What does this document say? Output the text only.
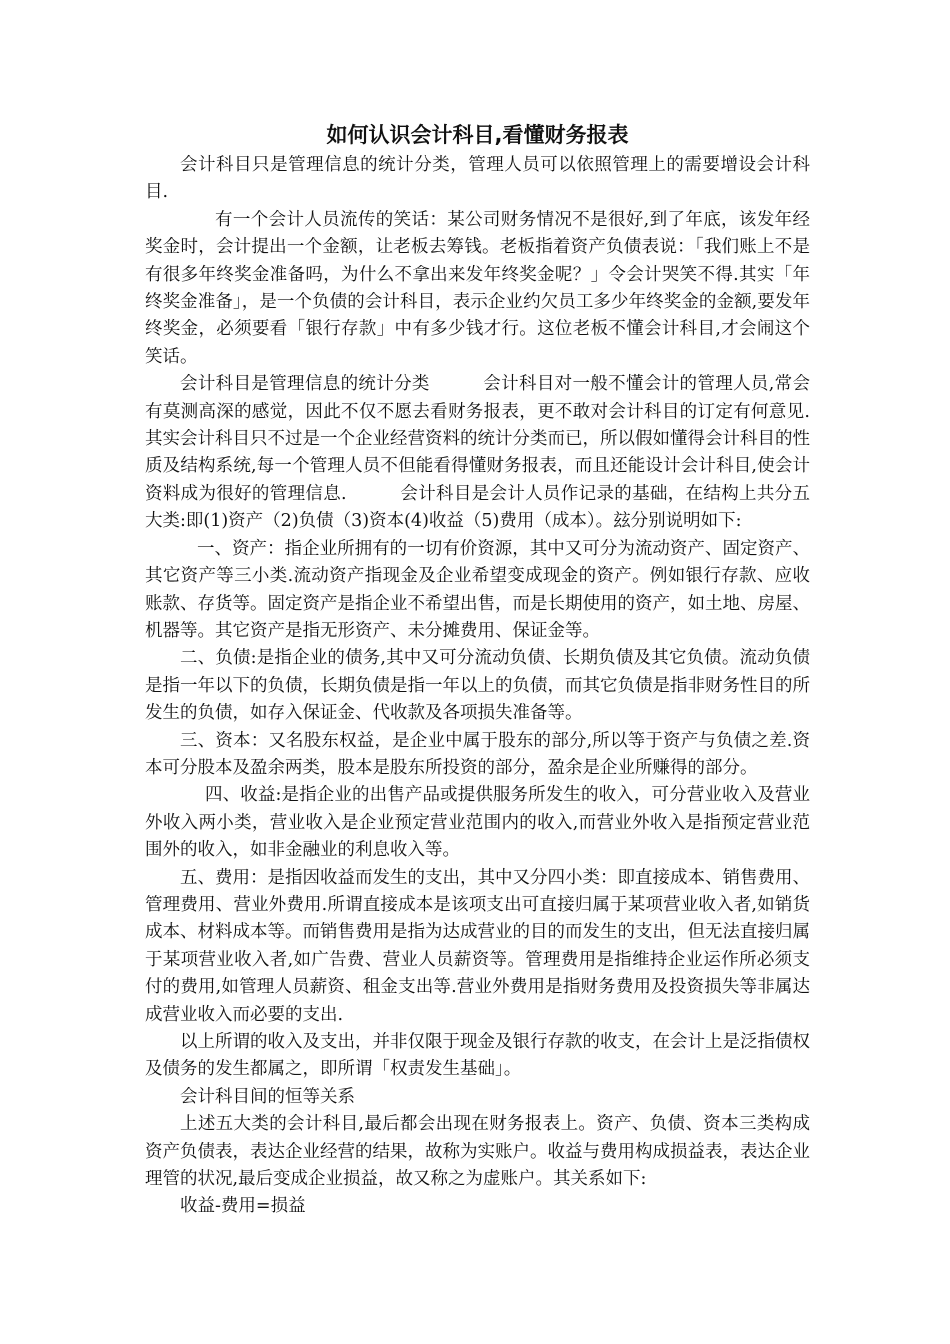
如何认识会计科目,看懂财务报表

会计科目只是管理信息的统计分类，管理人员可以依照管理上的需要增设会计科目.

有一个会计人员流传的笑话：某公司财务情况不是很好,到了年底，该发年经奖金时，会计提出一个金额，让老板去筹钱。老板指着资产负债表说：「我们账上不是有很多年终奖金准备吗，为什么不拿出来发年终奖金呢？」令会计哭笑不得.其实「年终奖金准备」，是一个负债的会计科目，表示企业约欠员工多少年终奖金的金额,要发年终奖金，必须要看「银行存款」中有多少钱才行。这位老板不懂会计科目,才会闹这个笑话。

会计科目是管理信息的统计分类　　　会计科目对一般不懂会计的管理人员,常会有莫测高深的感觉，因此不仅不愿去看财务报表，更不敢对会计科目的订定有何意见.其实会计科目只不过是一个企业经营资料的统计分类而已，所以假如懂得会计科目的性质及结构系统,每一个管理人员不但能看得懂财务报表，而且还能设计会计科目,使会计资料成为很好的管理信息.　　　会计科目是会计人员作记录的基础，在结构上共分五大类:即(1)资产（2)负债（3)资本(4)收益（5)费用（成本）。玆分别说明如下:

一、资产：指企业所拥有的一切有价资源，其中又可分为流动资产、固定资产、其它资产等三小类.流动资产指现金及企业希望变成现金的资产。例如银行存款、应收账款、存货等。固定资产是指企业不希望出售，而是长期使用的资产，如土地、房屋、机器等。其它资产是指无形资产、未分摊费用、保证金等。

二、负债:是指企业的债务,其中又可分流动负债、长期负债及其它负债。流动负债是指一年以下的负债，长期负债是指一年以上的负债，而其它负债是指非财务性目的所发生的负债，如存入保证金、代收款及各项损失准备等。

三、资本：又名股东权益，是企业中属于股东的部分,所以等于资产与负债之差.资本可分股本及盈余两类，股本是股东所投资的部分，盈余是企业所赚得的部分。

四、收益:是指企业的出售产品或提供服务所发生的收入，可分营业收入及营业外收入两小类，营业收入是企业预定营业范围内的收入,而营业外收入是指预定营业范围外的收入，如非金融业的利息收入等。

五、费用：是指因收益而发生的支出，其中又分四小类：即直接成本、销售费用、管理费用、营业外费用.所谓直接成本是该项支出可直接归属于某项营业收入者,如销货成本、材料成本等。而销售费用是指为达成营业的目的而发生的支出，但无法直接归属于某项营业收入者,如广告费、营业人员薪资等。管理费用是指维持企业运作所必须支付的费用,如管理人员薪资、租金支出等.营业外费用是指财务费用及投资损失等非属达成营业收入而必要的支出.

以上所谓的收入及支出，并非仅限于现金及银行存款的收支，在会计上是泛指债权及债务的发生都属之，即所谓「权责发生基础」。

会计科目间的恒等关系

上述五大类的会计科目,最后都会出现在财务报表上。资产、负债、资本三类构成资产负债表，表达企业经营的结果，故称为实账户。收益与费用构成损益表，表达企业理管的状况,最后变成企业损益，故又称之为虚账户。其关系如下:

收益-费用=损益
